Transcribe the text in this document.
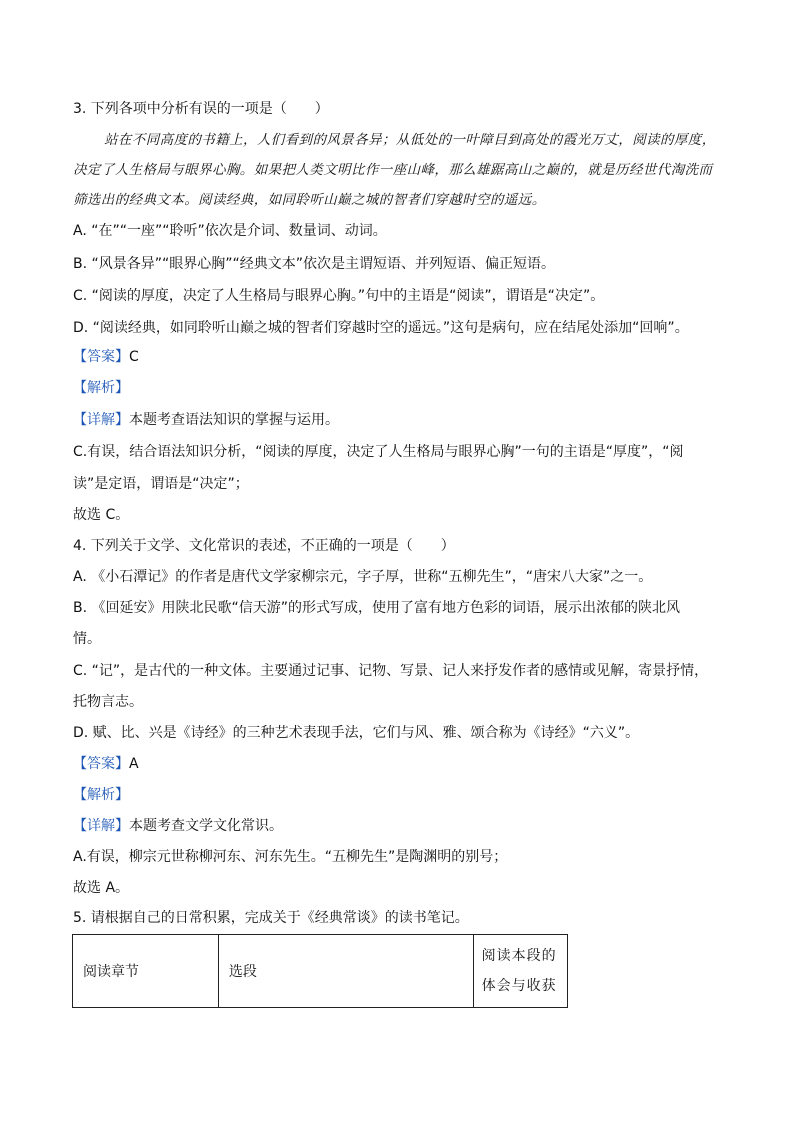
3. 下列各项中分析有误的一项是（　　）
站在不同高度的书籍上，人们看到的风景各异；从低处的一叶障目到高处的霞光万丈，阅读的厚度，
决定了人生格局与眼界心胸。如果把人类文明比作一座山峰，那么雄踞高山之巅的，就是历经世代淘洗而
筛选出的经典文本。阅读经典，如同聆听山巅之城的智者们穿越时空的遥远。
A. “在”“一座”“聆听”依次是介词、数量词、动词。
B. “风景各异”“眼界心胸”“经典文本”依次是主谓短语、并列短语、偏正短语。
C. “阅读的厚度，决定了人生格局与眼界心胸。”句中的主语是“阅读”，谓语是“决定”。
D. “阅读经典，如同聆听山巅之城的智者们穿越时空的遥远。”这句是病句，应在结尾处添加“回响”。
【答案】C
【解析】
【详解】本题考查语法知识的掌握与运用。
C.有误，结合语法知识分析，“阅读的厚度，决定了人生格局与眼界心胸”一句的主语是“厚度”，“阅
读”是定语，谓语是“决定”；
故选 C。
4. 下列关于文学、文化常识的表述，不正确的一项是（　　）
A. 《小石潭记》的作者是唐代文学家柳宗元，字子厚，世称“五柳先生”，“唐宋八大家”之一。
B. 《回延安》用陕北民歌“信天游”的形式写成，使用了富有地方色彩的词语，展示出浓郁的陕北风
情。
C. “记”，是古代的一种文体。主要通过记事、记物、写景、记人来抒发作者的感情或见解，寄景抒情，
托物言志。
D. 赋、比、兴是《诗经》的三种艺术表现手法，它们与风、雅、颂合称为《诗经》“六义”。
【答案】A
【解析】
【详解】本题考查文学文化常识。
A.有误，柳宗元世称柳河东、河东先生。“五柳先生”是陶渊明的别号；
故选 A。
5. 请根据自己的日常积累，完成关于《经典常谈》的读书笔记。
阅读章节	选段	阅读本段的
体会与收获
